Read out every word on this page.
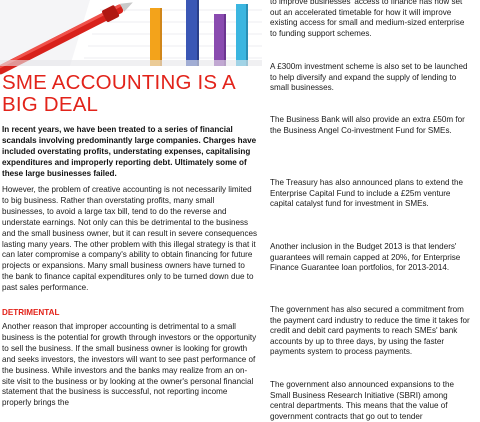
SME ACCOUNTING IS A BIG DEAL

In recent years, we have been treated to a series of financial scandals involving predominantly large companies. Charges have included overstating profits, understating expenses, capitalising expenditures and improperly reporting debt. Ultimately some of these large businesses failed.

However, the problem of creative accounting is not necessarily limited to big business. Rather than overstating profits, many small businesses, to avoid a large tax bill, tend to do the reverse and understate earnings. Not only can this be detrimental to the business and the small business owner, but it can result in severe consequences lasting many years. The other problem with this illegal strategy is that it can later compromise a company's ability to obtain financing for future projects or expansions. Many small business owners have turned to the bank to finance capital expenditures only to be turned down due to past sales performance.

DETRIMENTAL

Another reason that improper accounting is detrimental to a small business is the potential for growth through investors or the opportunity to sell the business. If the small business owner is looking for growth and seeks investors, the investors will want to see past performance of the business. While investors and the banks may realize from an on-site visit to the business or by looking at the owner's personal financial statement that the business is successful, not reporting income properly brings the

to improve businesses' access to finance has now set out an accelerated timetable for how it will improve existing access for small and medium-sized enterprise to funding support schemes.

A £300m investment scheme is also set to be launched to help diversify and expand the supply of lending to small businesses.

The Business Bank will also provide an extra £50m for the Business Angel Co-investment Fund for SMEs.

The Treasury has also announced plans to extend the Enterprise Capital Fund to include a £25m venture capital catalyst fund for investment in SMEs.

Another inclusion in the Budget 2013 is that lenders' guarantees will remain capped at 20%, for Enterprise Finance Guarantee loan portfolios, for 2013-2014.

The government has also secured a commitment from the payment card industry to reduce the time it takes for credit and debit card payments to reach SMEs' bank accounts by up to three days, by using the faster payments system to process payments.

The government also announced expansions to the Small Business Research Initiative (SBRI) among central departments. This means that the value of government contracts that go out to tender
